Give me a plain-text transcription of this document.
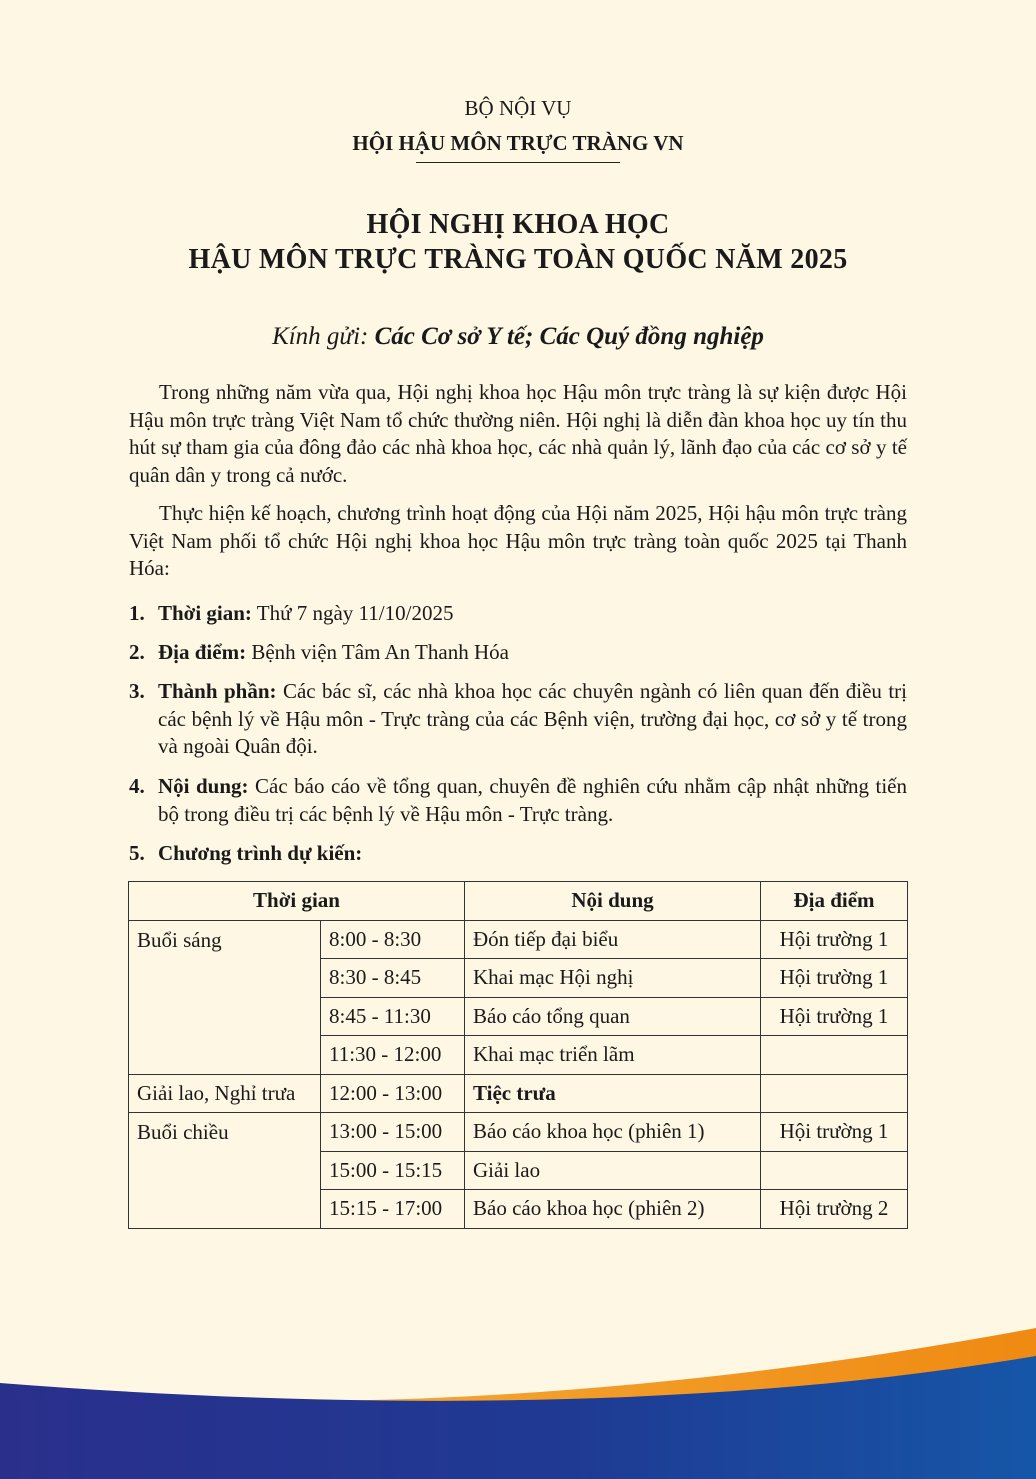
BỘ NỘI VỤ
HỘI HẬU MÔN TRỰC TRÀNG VN
HỘI NGHỊ KHOA HỌC
HẬU MÔN TRỰC TRÀNG TOÀN QUỐC NĂM 2025
Kính gửi: Các Cơ sở Y tế; Các Quý đồng nghiệp

Trong những năm vừa qua, Hội nghị khoa học Hậu môn trực tràng là sự kiện được Hội Hậu môn trực tràng Việt Nam tổ chức thường niên. Hội nghị là diễn đàn khoa học uy tín thu hút sự tham gia của đông đảo các nhà khoa học, các nhà quản lý, lãnh đạo của các cơ sở y tế quân dân y trong cả nước.

Thực hiện kế hoạch, chương trình hoạt động của Hội năm 2025, Hội hậu môn trực tràng Việt Nam phối tổ chức Hội nghị khoa học Hậu môn trực tràng toàn quốc 2025 tại Thanh Hóa:

1. Thời gian: Thứ 7 ngày 11/10/2025
2. Địa điểm: Bệnh viện Tâm An Thanh Hóa
3. Thành phần: Các bác sĩ, các nhà khoa học các chuyên ngành có liên quan đến điều trị các bệnh lý về Hậu môn - Trực tràng của các Bệnh viện, trường đại học, cơ sở y tế trong và ngoài Quân đội.
4. Nội dung: Các báo cáo về tổng quan, chuyên đề nghiên cứu nhằm cập nhật những tiến bộ trong điều trị các bệnh lý về Hậu môn - Trực tràng.
5. Chương trình dự kiến:
Thời gian		Nội dung	Địa điểm
Buổi sáng	8:00 - 8:30	Đón tiếp đại biểu	Hội trường 1
	8:30 - 8:45	Khai mạc Hội nghị	Hội trường 1
	8:45 - 11:30	Báo cáo tổng quan	Hội trường 1
	11:30 - 12:00	Khai mạc triển lãm	
Giải lao, Nghỉ trưa	12:00 - 13:00	Tiệc trưa	
Buổi chiều	13:00 - 15:00	Báo cáo khoa học (phiên 1)	Hội trường 1
	15:00 - 15:15	Giải lao	
	15:15 - 17:00	Báo cáo khoa học (phiên 2)	Hội trường 2
